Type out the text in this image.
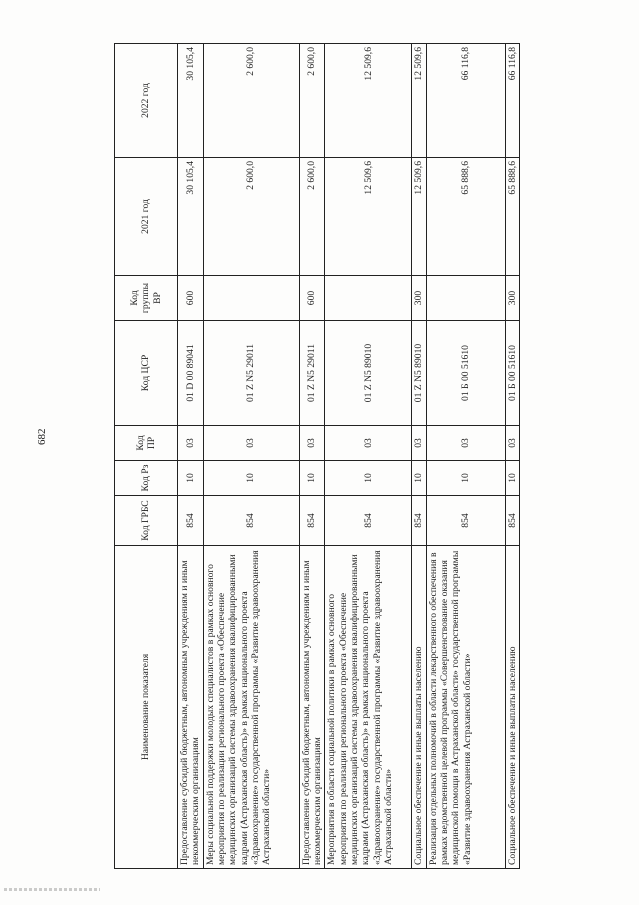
682
Наименование показателя	Код ГРБС	Код Рз	Код ПР	Код ЦСР	Код группы ВР	2021 год	2022 год
Предоставление субсидий бюджетным, автономным учреждениям и иным некоммерческим организациям	854	10	03	01 D 00 89041	600	30 105,4	30 105,4
Меры социальной поддержки молодых специалистов в рамках основного мероприятия по реализации регионального проекта «Обеспечение медицинских организаций системы здравоохранения квалифицированными кадрами (Астраханская область)» в рамках национального проекта «Здравоохранение» государственной программы «Развитие здравоохранения Астраханской области»	854	10	03	01 Z N5 29011		2 600,0	2 600,0
Предоставление субсидий бюджетным, автономным учреждениям и иным некоммерческим организациям	854	10	03	01 Z N5 29011	600	2 600,0	2 600,0
Мероприятия в области социальной политики в рамках основного мероприятия по реализации регионального проекта «Обеспечение медицинских организаций системы здравоохранения квалифицированными кадрами (Астраханская область)» в рамках национального проекта «Здравоохранение» государственной программы «Развитие здравоохранения Астраханской области»	854	10	03	01 Z N5 89010		12 509,6	12 509,6
Социальное обеспечение и иные выплаты населению	854	10	03	01 Z N5 89010	300	12 509,6	12 509,6
Реализация отдельных полномочий в области лекарственного обеспечения в рамках ведомственной целевой программы «Совершенствование оказания медицинской помощи в Астраханской области» государственной программы «Развитие здравоохранения Астраханской области»	854	10	03	01 Б 00 51610		65 888,6	66 116,8
Социальное обеспечение и иные выплаты населению	854	10	03	01 Б 00 51610	300	65 888,6	66 116,8
